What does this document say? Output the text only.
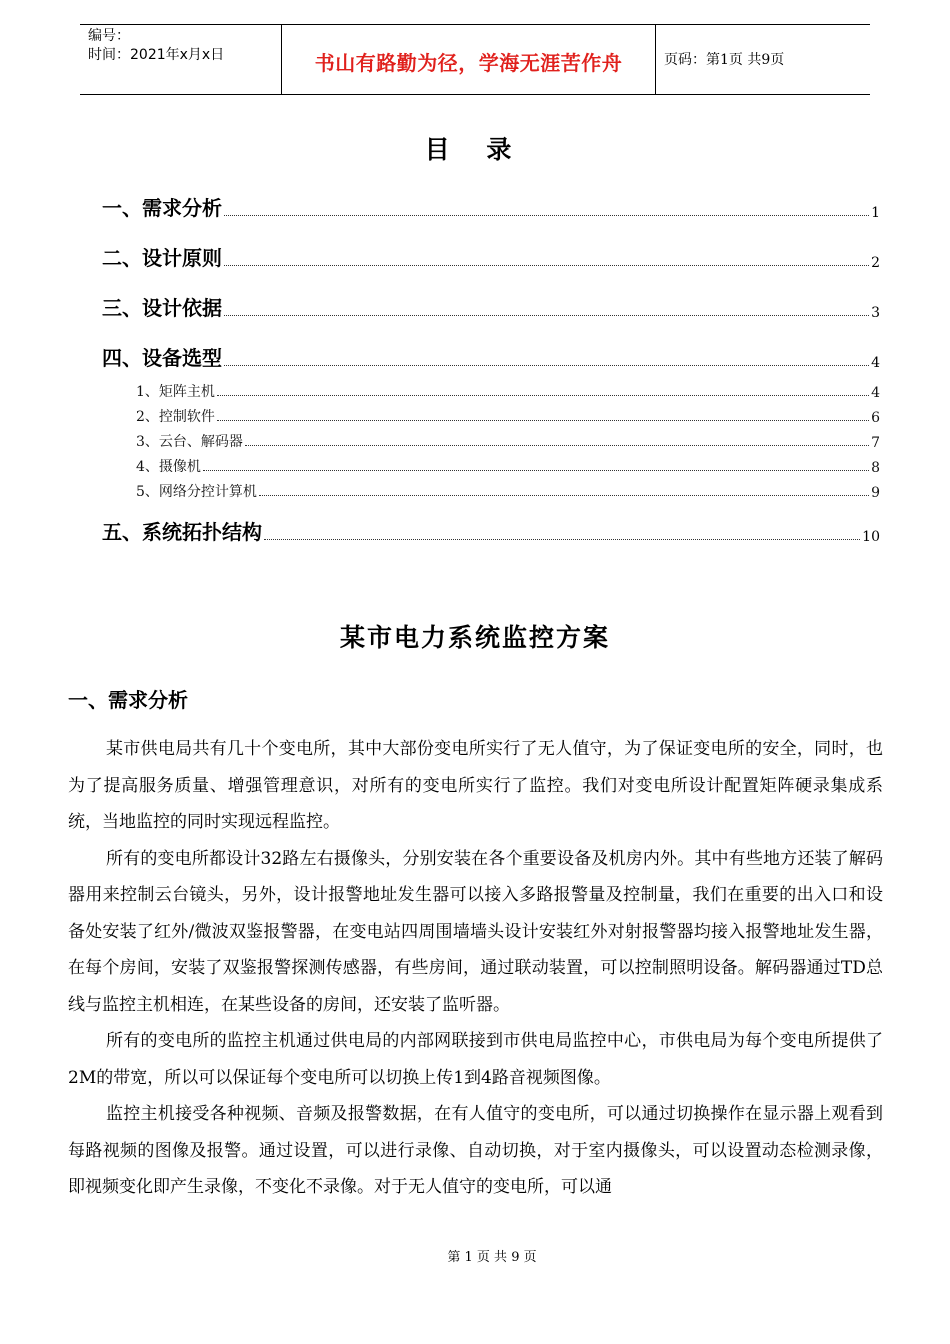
编号：
时间：2021年x月x日	书山有路勤为径，学海无涯苦作舟	页码：第1页 共9页
目 录
一、需求分析	1
二、设计原则	2
三、设计依据	3
四、设备选型	4
1、矩阵主机	4
2、控制软件	6
3、云台、解码器	7
4、摄像机	8
5、网络分控计算机	9
五、系统拓扑结构	10
某市电力系统监控方案
一、需求分析

某市供电局共有几十个变电所，其中大部份变电所实行了无人值守，为了保证变电所的安全，同时，也为了提高服务质量、增强管理意识，对所有的变电所实行了监控。我们对变电所设计配置矩阵硬录集成系统，当地监控的同时实现远程监控。

所有的变电所都设计32路左右摄像头，分别安装在各个重要设备及机房内外。其中有些地方还装了解码器用来控制云台镜头，另外，设计报警地址发生器可以接入多路报警量及控制量，我们在重要的出入口和设备处安装了红外/微波双鉴报警器，在变电站四周围墙墙头设计安装红外对射报警器均接入报警地址发生器，在每个房间，安装了双鉴报警探测传感器，有些房间，通过联动装置，可以控制照明设备。解码器通过TD总线与监控主机相连，在某些设备的房间，还安装了监听器。

所有的变电所的监控主机通过供电局的内部网联接到市供电局监控中心，市供电局为每个变电所提供了2M的带宽，所以可以保证每个变电所可以切换上传1到4路音视频图像。

监控主机接受各种视频、音频及报警数据，在有人值守的变电所，可以通过切换操作在显示器上观看到每路视频的图像及报警。通过设置，可以进行录像、自动切换，对于室内摄像头，可以设置动态检测录像，即视频变化即产生录像，不变化不录像。对于无人值守的变电所，可以通

第 1 页 共 9 页
